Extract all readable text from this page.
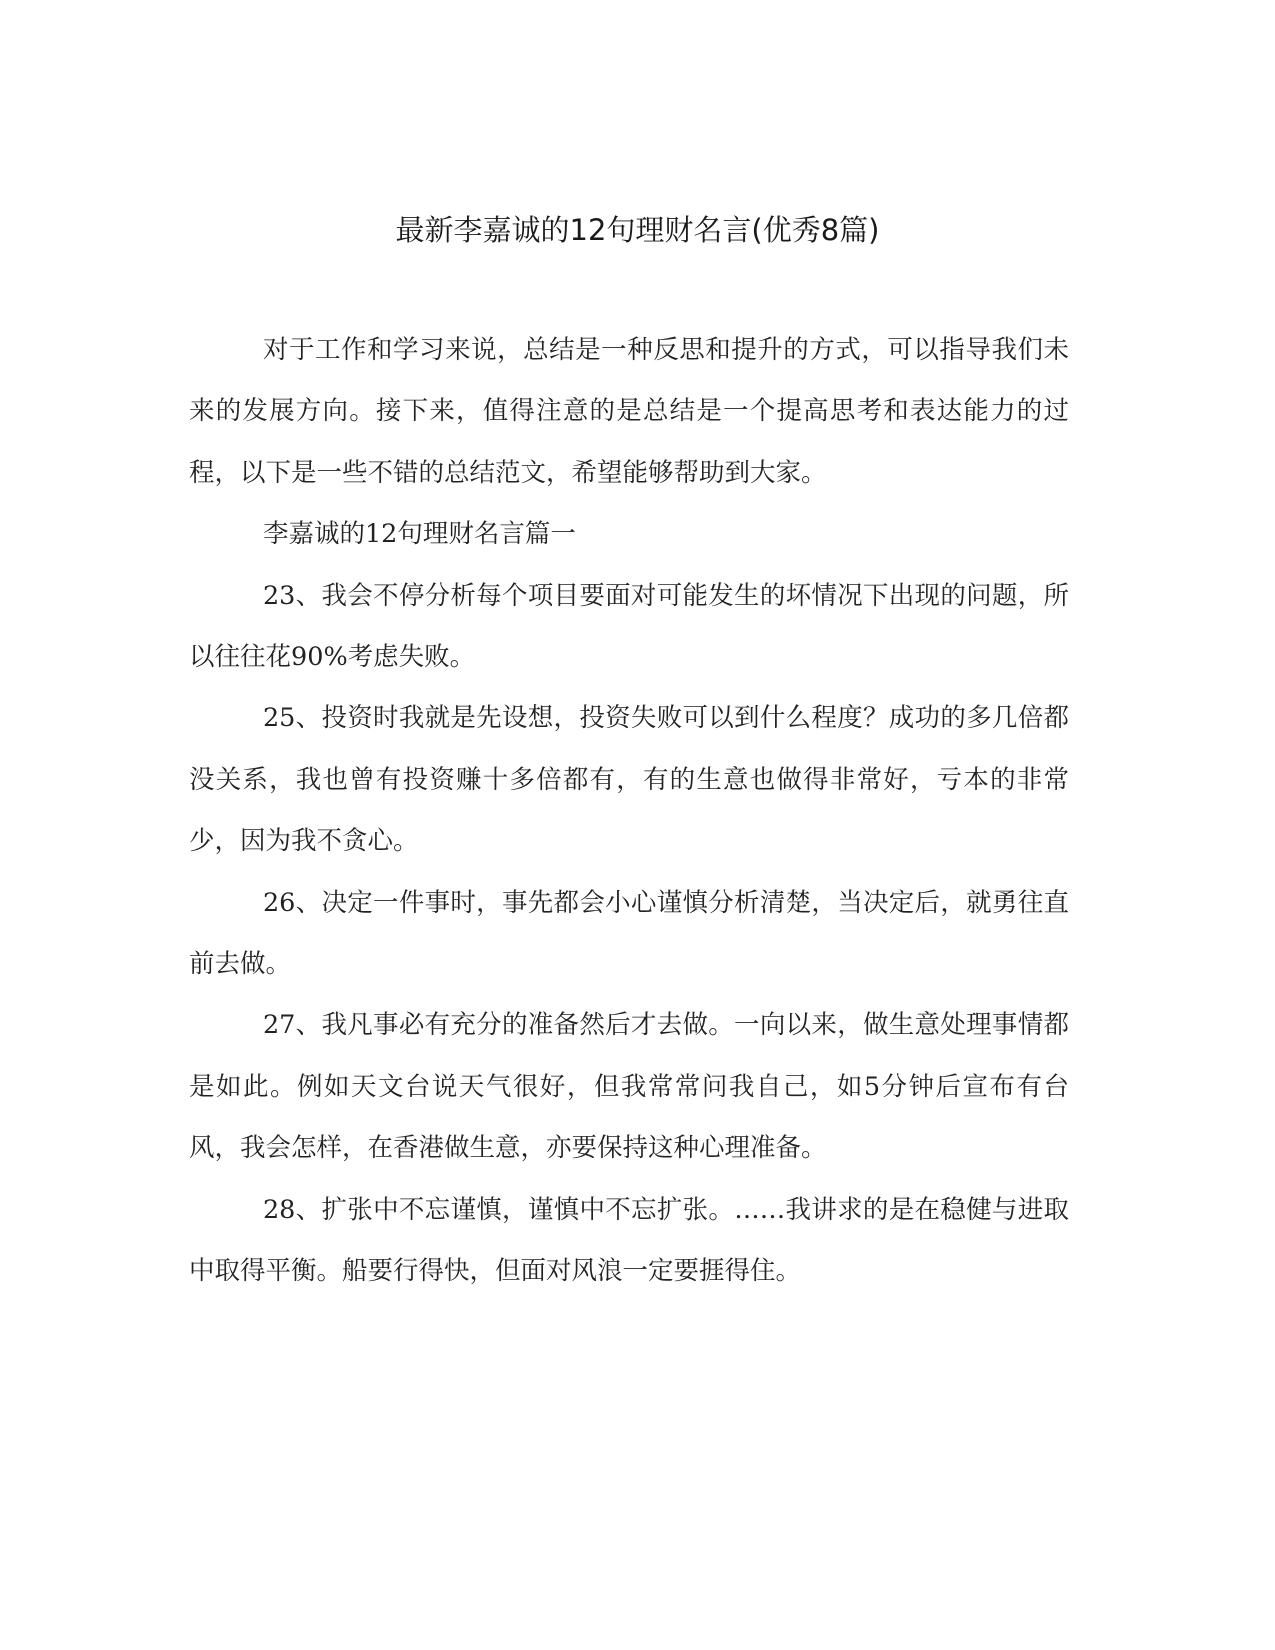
最新李嘉诚的12句理财名言(优秀8篇)

对于工作和学习来说，总结是一种反思和提升的方式，可以指导我们未来的发展方向。接下来，值得注意的是总结是一个提高思考和表达能力的过程，以下是一些不错的总结范文，希望能够帮助到大家。

李嘉诚的12句理财名言篇一

23、我会不停分析每个项目要面对可能发生的坏情况下出现的问题，所以往往花90%考虑失败。

25、投资时我就是先设想，投资失败可以到什么程度？成功的多几倍都没关系，我也曾有投资赚十多倍都有，有的生意也做得非常好，亏本的非常少，因为我不贪心。

26、决定一件事时，事先都会小心谨慎分析清楚，当决定后，就勇往直前去做。

27、我凡事必有充分的准备然后才去做。一向以来，做生意处理事情都是如此。例如天文台说天气很好，但我常常问我自己，如5分钟后宣布有台风，我会怎样，在香港做生意，亦要保持这种心理准备。

28、扩张中不忘谨慎，谨慎中不忘扩张。……我讲求的是在稳健与进取中取得平衡。船要行得快，但面对风浪一定要捱得住。
